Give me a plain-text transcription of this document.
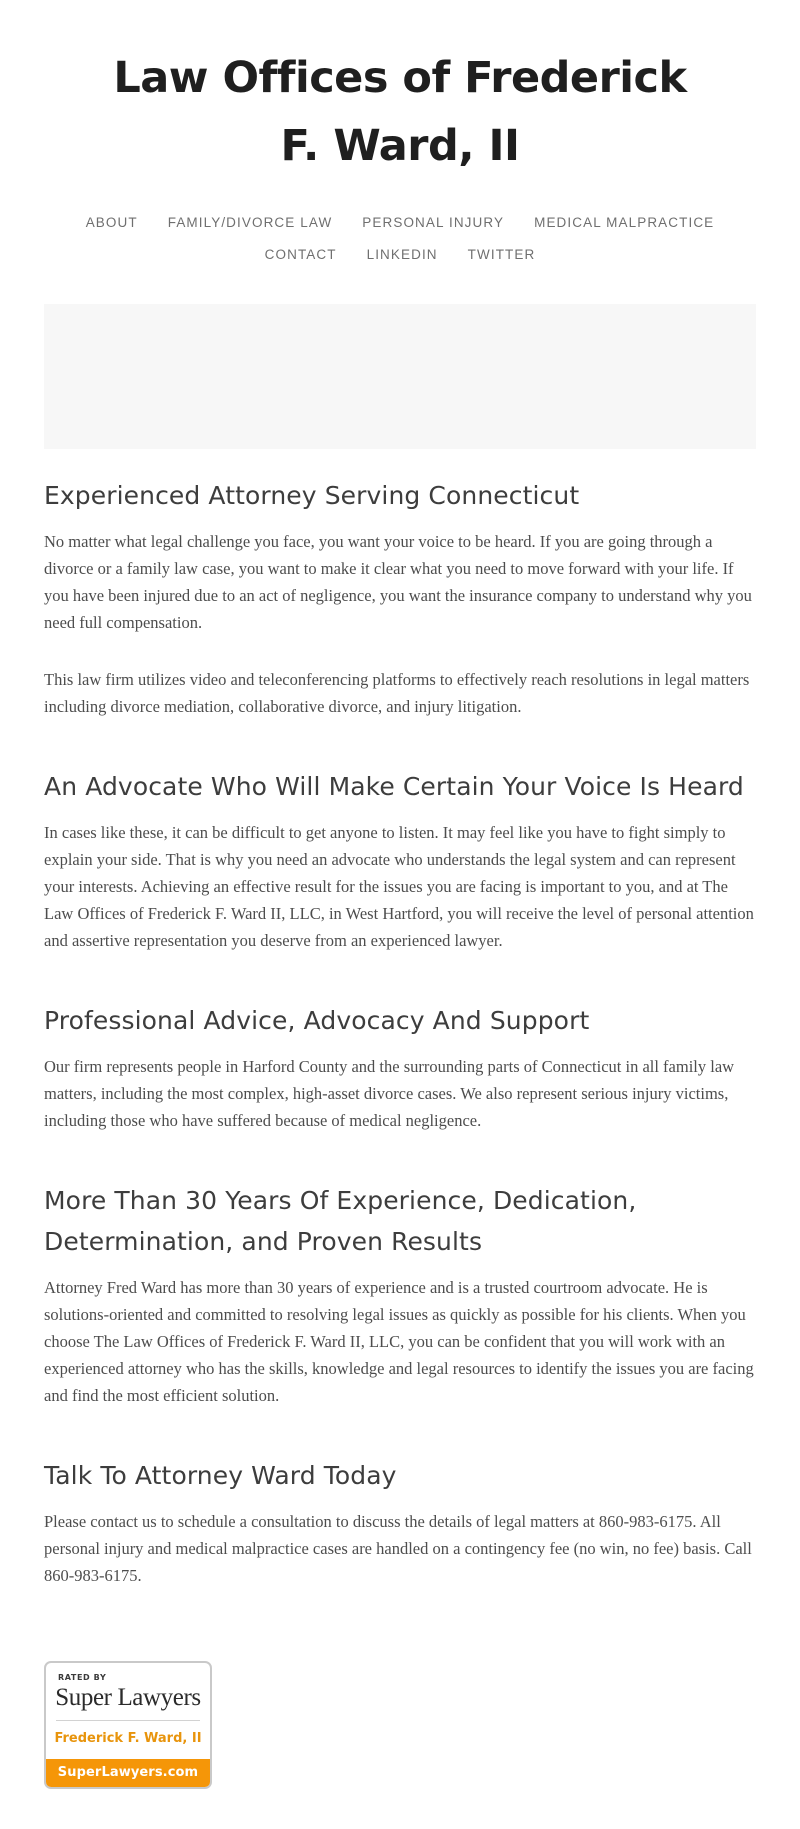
Law Offices of Frederick F. Ward, II
ABOUT FAMILY/DIVORCE LAW PERSONAL INJURY MEDICAL MALPRACTICE CONTACT LINKEDIN TWITTER
Experienced Attorney Serving Connecticut

No matter what legal challenge you face, you want your voice to be heard. If you are going through a divorce or a family law case, you want to make it clear what you need to move forward with your life. If you have been injured due to an act of negligence, you want the insurance company to understand why you need full compensation.

This law firm utilizes video and teleconferencing platforms to effectively reach resolutions in legal matters including divorce mediation, collaborative divorce, and injury litigation.

An Advocate Who Will Make Certain Your Voice Is Heard

In cases like these, it can be difficult to get anyone to listen. It may feel like you have to fight simply to explain your side. That is why you need an advocate who understands the legal system and can represent your interests. Achieving an effective result for the issues you are facing is important to you, and at The Law Offices of Frederick F. Ward II, LLC, in West Hartford, you will receive the level of personal attention and assertive representation you deserve from an experienced lawyer.

Professional Advice, Advocacy And Support

Our firm represents people in Harford County and the surrounding parts of Connecticut in all family law matters, including the most complex, high-asset divorce cases. We also represent serious injury victims, including those who have suffered because of medical negligence.

More Than 30 Years Of Experience, Dedication, Determination, and Proven Results

Attorney Fred Ward has more than 30 years of experience and is a trusted courtroom advocate. He is solutions-oriented and committed to resolving legal issues as quickly as possible for his clients. When you choose The Law Offices of Frederick F. Ward II, LLC, you can be confident that you will work with an experienced attorney who has the skills, knowledge and legal resources to identify the issues you are facing and find the most efficient solution.

Talk To Attorney Ward Today

Please contact us to schedule a consultation to discuss the details of legal matters at 860-983-6175. All personal injury and medical malpractice cases are handled on a contingency fee (no win, no fee) basis. Call 860-983-6175.

RATED BY
Super Lawyers
Frederick F. Ward, II
SuperLawyers.com
